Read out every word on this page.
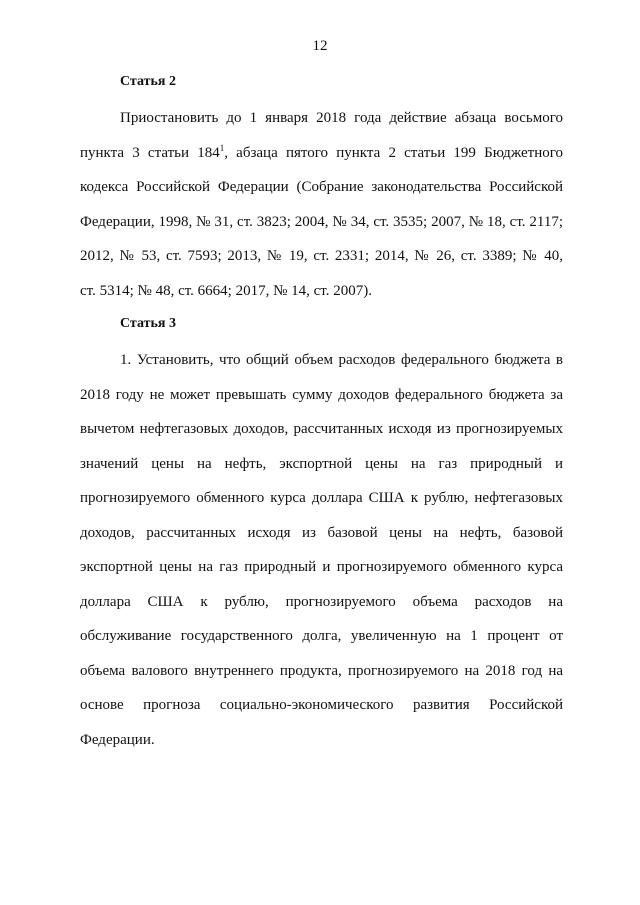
12
Статья 2
Приостановить до 1 января 2018 года действие абзаца восьмого
пункта 3 статьи $184^1$, абзаца пятого пункта 2 статьи 199 Бюджетного
кодекса Российской Федерации (Собрание законодательства Российской
Федерации, 1998, № 31, ст. 3823; 2004, № 34, ст. 3535; 2007, № 18, ст. 2117;
2012, № 53, ст. 7593; 2013, № 19, ст. 2331; 2014, № 26, ст. 3389; № 40,
ст. 5314; № 48, ст. 6664; 2017, № 14, ст. 2007).
Статья 3
1. Установить, что общий объем расходов федерального бюджета в
2018 году не может превышать сумму доходов федерального бюджета за
вычетом нефтегазовых доходов, рассчитанных исходя из прогнозируемых
значений цены на нефть, экспортной цены на газ природный и
прогнозируемого обменного курса доллара США к рублю, нефтегазовых
доходов, рассчитанных исходя из базовой цены на нефть, базовой
экспортной цены на газ природный и прогнозируемого обменного курса
доллара США к рублю, прогнозируемого объема расходов на
обслуживание государственного долга, увеличенную на 1 процент от
объема валового внутреннего продукта, прогнозируемого на 2018 год на
основе прогноза социально-экономического развития Российской
Федерации.
